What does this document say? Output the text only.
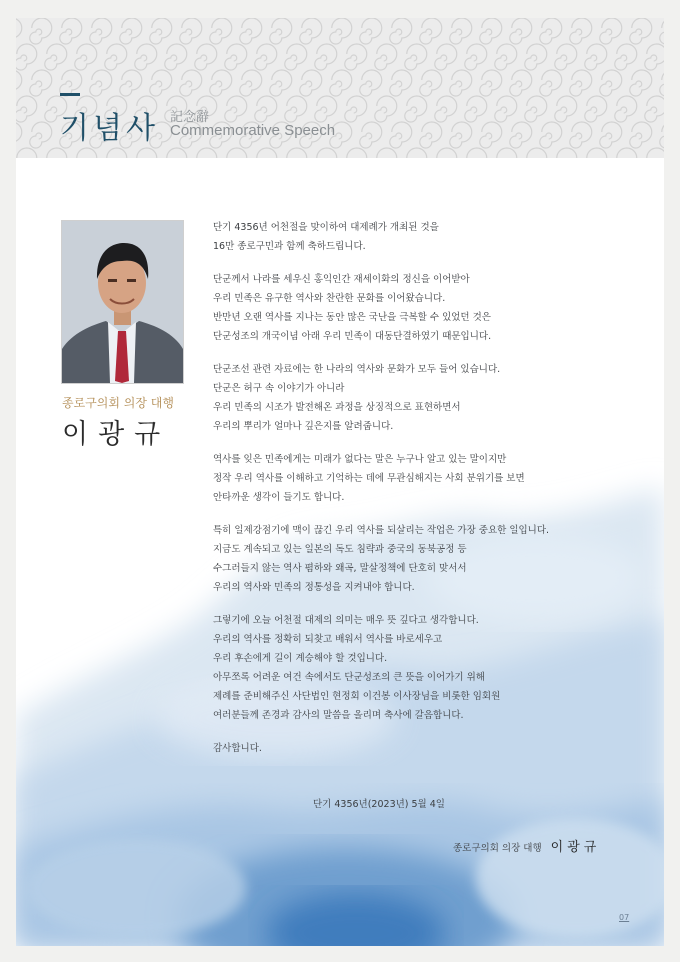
기념사 記念辭
Commemorative Speech
종로구의회 의장 대행
이광규
단기 4356년 어천절을 맞이하여 대제례가 개최된 것을
16만 종로구민과 함께 축하드립니다.
단군께서 나라를 세우신 홍익인간 재세이화의 정신을 이어받아
우리 민족은 유구한 역사와 찬란한 문화를 이어왔습니다.
반만년 오랜 역사를 지나는 동안 많은 국난을 극복할 수 있었던 것은
단군성조의 개국이념 아래 우리 민족이 대동단결하였기 때문입니다.
단군조선 관련 자료에는 한 나라의 역사와 문화가 모두 들어 있습니다.
단군은 허구 속 이야기가 아니라
우리 민족의 시조가 발전해온 과정을 상징적으로 표현하면서
우리의 뿌리가 얼마나 깊은지를 알려줍니다.
역사를 잊은 민족에게는 미래가 없다는 말은 누구나 알고 있는 말이지만
정작 우리 역사를 이해하고 기억하는 데에 무관심해지는 사회 분위기를 보면
안타까운 생각이 들기도 합니다.
특히 일제강점기에 맥이 끊긴 우리 역사를 되살리는 작업은 가장 중요한 일입니다.
지금도 계속되고 있는 일본의 독도 침략과 중국의 동북공정 등
수그러들지 않는 역사 폄하와 왜곡, 말살정책에 단호히 맞서서
우리의 역사와 민족의 정통성을 지켜내야 합니다.
그렇기에 오늘 어천절 대제의 의미는 매우 뜻 깊다고 생각합니다.
우리의 역사를 정확히 되찾고 배워서 역사를 바로세우고
우리 후손에게 길이 계승해야 할 것입니다.
아무쪼록 어려운 여건 속에서도 단군성조의 큰 뜻을 이어가기 위해
제례를 준비해주신 사단법인 현정회 이건봉 이사장님을 비롯한 임회원
여러분들께 존경과 감사의 말씀을 올리며 축사에 갈음합니다.
감사합니다.
단기 4356년(2023년) 5월 4일
종로구의회 의장 대행 이광규
07
